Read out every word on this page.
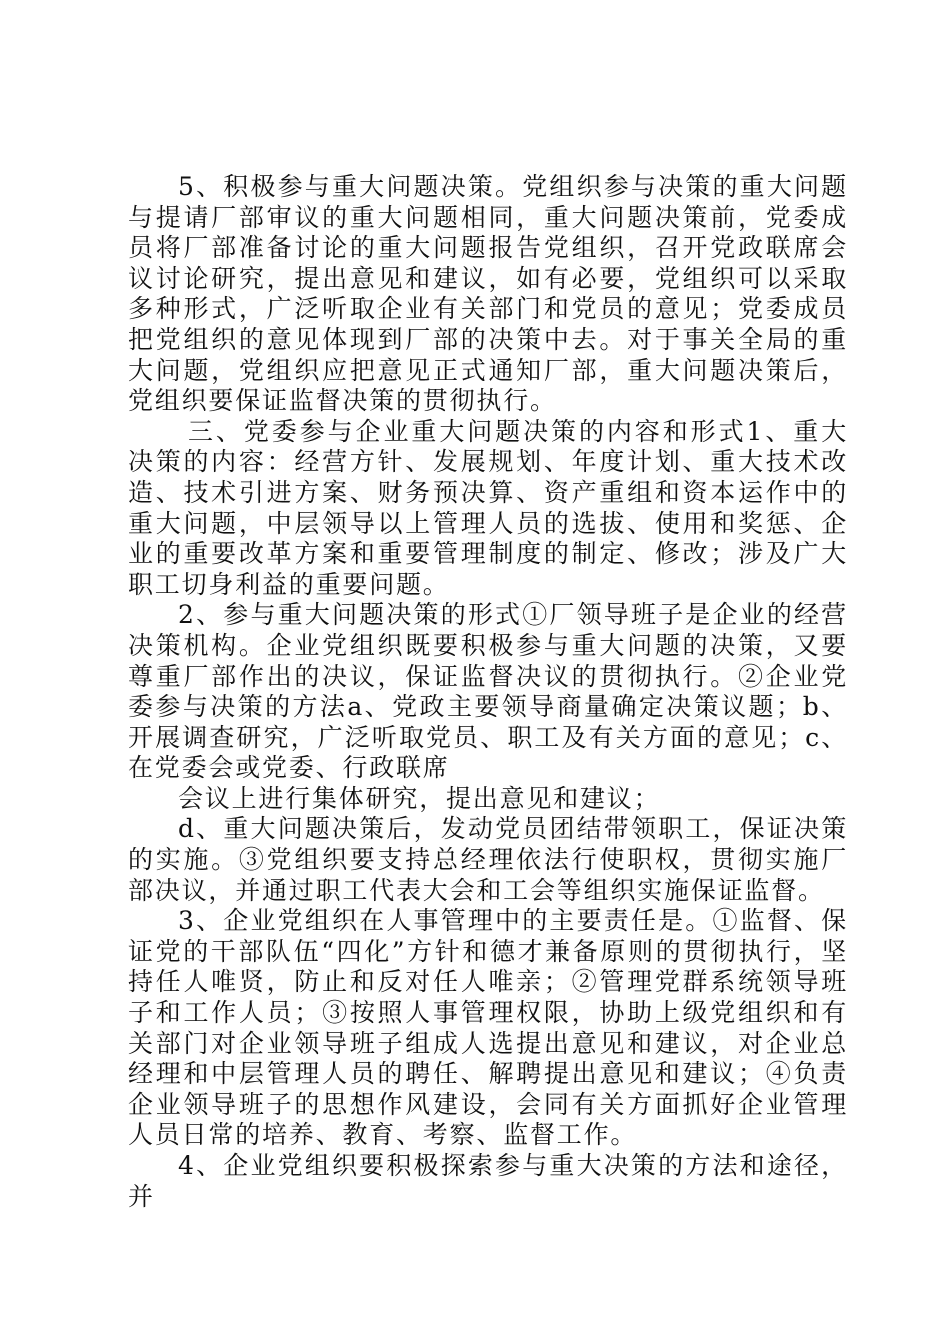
5、积极参与重大问题决策。党组织参与决策的重大问题与提请厂部审议的重大问题相同，重大问题决策前，党委成员将厂部准备讨论的重大问题报告党组织，召开党政联席会议讨论研究，提出意见和建议，如有必要，党组织可以采取多种形式，广泛听取企业有关部门和党员的意见；党委成员把党组织的意见体现到厂部的决策中去。对于事关全局的重大问题，党组织应把意见正式通知厂部，重大问题决策后，党组织要保证监督决策的贯彻执行。

三、党委参与企业重大问题决策的内容和形式1、重大决策的内容：经营方针、发展规划、年度计划、重大技术改造、技术引进方案、财务预决算、资产重组和资本运作中的重大问题，中层领导以上管理人员的选拔、使用和奖惩、企业的重要改革方案和重要管理制度的制定、修改；涉及广大职工切身利益的重要问题。

2、参与重大问题决策的形式①厂领导班子是企业的经营决策机构。企业党组织既要积极参与重大问题的决策，又要尊重厂部作出的决议，保证监督决议的贯彻执行。②企业党委参与决策的方法a、党政主要领导商量确定决策议题；b、开展调查研究，广泛听取党员、职工及有关方面的意见；c、在党委会或党委、行政联席

会议上进行集体研究，提出意见和建议；

d、重大问题决策后，发动党员团结带领职工，保证决策的实施。③党组织要支持总经理依法行使职权，贯彻实施厂部决议，并通过职工代表大会和工会等组织实施保证监督。

3、企业党组织在人事管理中的主要责任是。①监督、保证党的干部队伍“四化”方针和德才兼备原则的贯彻执行，坚持任人唯贤，防止和反对任人唯亲；②管理党群系统领导班子和工作人员；③按照人事管理权限，协助上级党组织和有关部门对企业领导班子组成人选提出意见和建议，对企业总经理和中层管理人员的聘任、解聘提出意见和建议；④负责企业领导班子的思想作风建设，会同有关方面抓好企业管理人员日常的培养、教育、考察、监督工作。

4、企业党组织要积极探索参与重大决策的方法和途径，并
